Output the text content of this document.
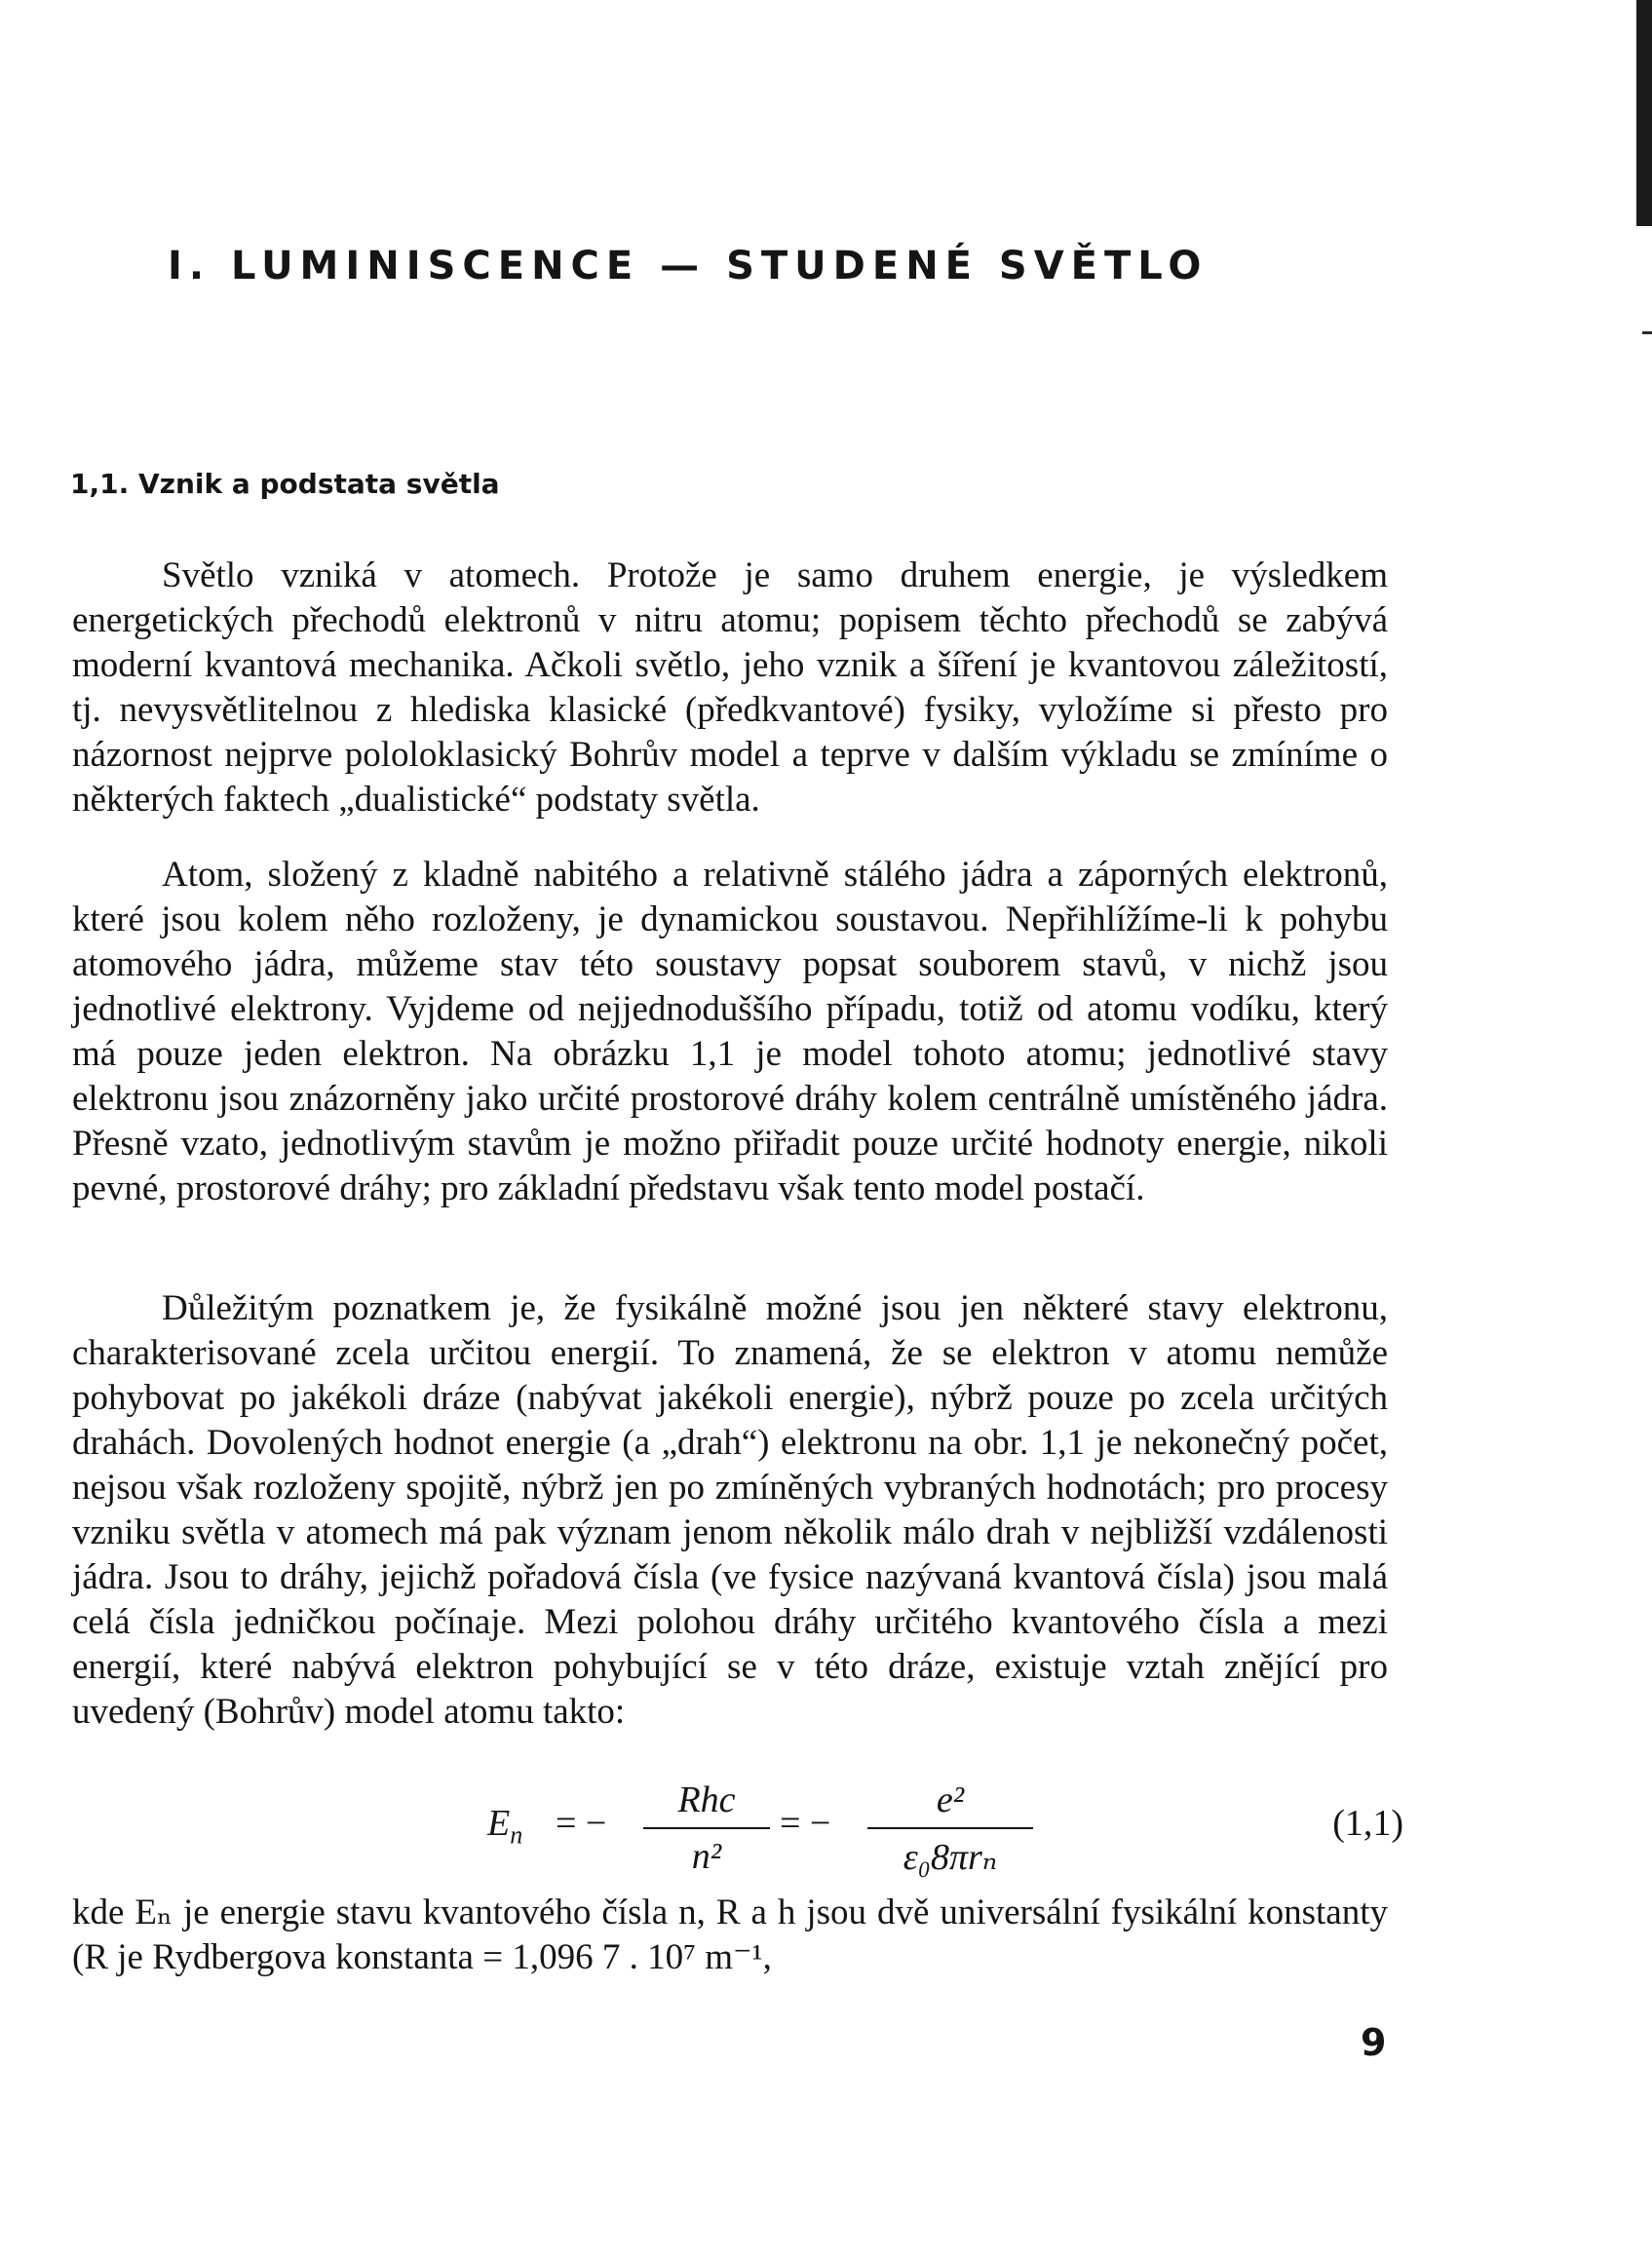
I. LUMINISCENCE — STUDENÉ SVĚTLO
1,1. Vznik a podstata světla

Světlo vzniká v atomech. Protože je samo druhem energie, je výsledkem energetických přechodů elektronů v nitru atomu; popisem těchto přechodů se zabývá moderní kvantová mechanika. Ačkoli světlo, jeho vznik a šíření je kvantovou záležitostí, tj. nevysvětlitelnou z hlediska klasické (předkvantové) fysiky, vyložíme si přesto pro názornost nejprve pololoklasický Bohrův model a teprve v dalším výkladu se zmíníme o některých faktech „dualistické“ podstaty světla.

Atom, složený z kladně nabitého a relativně stálého jádra a záporných elektronů, které jsou kolem něho rozloženy, je dynamickou soustavou. Nepřihlížíme-li k pohybu atomového jádra, můžeme stav této soustavy popsat souborem stavů, v nichž jsou jednotlivé elektrony. Vyjdeme od nejjednoduššího případu, totiž od atomu vodíku, který má pouze jeden elektron. Na obrázku 1,1 je model tohoto atomu; jednotlivé stavy elektronu jsou znázorněny jako určité prostorové dráhy kolem centrálně umístěného jádra. Přesně vzato, jednotlivým stavům je možno přiřadit pouze určité hodnoty energie, nikoli pevné, prostorové dráhy; pro základní představu však tento model postačí.

Důležitým poznatkem je, že fysikálně možné jsou jen některé stavy elektronu, charakterisované zcela určitou energií. To znamená, že se elektron v atomu nemůže pohybovat po jakékoli dráze (nabývat jakékoli energie), nýbrž pouze po zcela určitých drahách. Dovolených hodnot energie (a „drah“) elektronu na obr. 1,1 je nekonečný počet, nejsou však rozloženy spojitě, nýbrž jen po zmíněných vybraných hodnotách; pro procesy vzniku světla v atomech má pak význam jenom několik málo drah v nejbližší vzdálenosti jádra. Jsou to dráhy, jejichž pořadová čísla (ve fysice nazývaná kvantová čísla) jsou malá celá čísla jedničkou počínaje. Mezi polohou dráhy určitého kvantového čísla a mezi energií, které nabývá elektron pohybující se v této dráze, existuje vztah znějící pro uvedený (Bohrův) model atomu takto:

$E_n$ = −
Rhc
n²
= −
e²
ε₀8πrₙ
(1,1)
kde Eₙ je energie stavu kvantového čísla n, R a h jsou dvě universální fysikální konstanty (R je Rydbergova konstanta = 1,096 7 . 10⁷ m⁻¹,
9
